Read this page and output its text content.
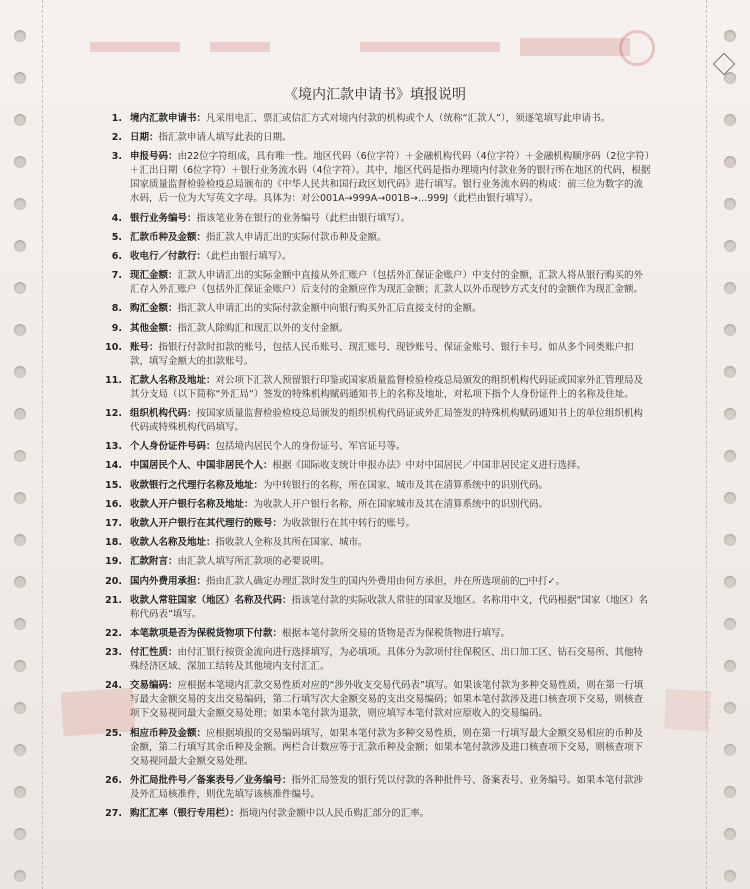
《境内汇款申请书》填报说明
1. 境内汇款申请书：凡采用电汇、票汇或信汇方式对境内付款的机构或个人（统称“汇款人”），须逐笔填写此申请书。
2. 日期：指汇款申请人填写此表的日期。
3. 申报号码：由22位字符组成，具有唯一性。地区代码（6位字符）＋金融机构代码（4位字符）＋金融机构顺序码（2位字符）＋汇出日期（6位字符）＋银行业务流水码（4位字符）。其中，地区代码是指办理境内付款业务的银行所在地区的代码，根据国家质量监督检验检疫总局颁布的《中华人民共和国行政区划代码》进行填写。银行业务流水码的构成：前三位为数字的流水码，后一位为大写英文字母。具体为：对公001A→999A→001B→…999J（此栏由银行填写）。
4. 银行业务编号：指该笔业务在银行的业务编号（此栏由银行填写）。
5. 汇款币种及金额：指汇款人申请汇出的实际付款币种及金额。
6. 收电行／付款行：（此栏由银行填写）。
7. 现汇金额：汇款人申请汇出的实际金额中直接从外汇账户（包括外汇保证金账户）中支付的金额，汇款人将从银行购买的外汇存入外汇账户（包括外汇保证金账户）后支付的金额应作为现汇金额；汇款人以外币现钞方式支付的金额作为现汇金额。
8. 购汇金额：指汇款人申请汇出的实际付款金额中向银行购买外汇后直接支付的金额。
9. 其他金额：指汇款人除购汇和现汇以外的支付金额。
10. 账号：指银行付款时扣款的账号，包括人民币账号、现汇账号、现钞账号、保证金账号、银行卡号。如从多个同类账户扣款，填写金额大的扣款账号。
11. 汇款人名称及地址：对公项下汇款人预留银行印鉴或国家质量监督检验检疫总局颁发的组织机构代码证或国家外汇管理局及其分支局（以下简称“外汇局”）签发的特殊机构赋码通知书上的名称及地址，对私项下指个人身份证件上的名称及住址。
12. 组织机构代码：按国家质量监督检验检疫总局颁发的组织机构代码证或外汇局签发的特殊机构赋码通知书上的单位组织机构代码或特殊机构代码填写。
13. 个人身份证件号码：包括境内居民个人的身份证号、军官证号等。
14. 中国居民个人、中国非居民个人：根据《国际收支统计申报办法》中对中国居民／中国非居民定义进行选择。
15. 收款银行之代理行名称及地址：为中转银行的名称，所在国家、城市及其在清算系统中的识别代码。
16. 收款人开户银行名称及地址：为收款人开户银行名称，所在国家城市及其在清算系统中的识别代码。
17. 收款人开户银行在其代理行的账号：为收款银行在其中转行的账号。
18. 收款人名称及地址：指收款人全称及其所在国家、城市。
19. 汇款附言：由汇款人填写所汇款项的必要说明。
20. 国内外费用承担：指由汇款人确定办理汇款时发生的国内外费用由何方承担，并在所选项前的□中打✓。
21. 收款人常驻国家（地区）名称及代码：指该笔付款的实际收款人常驻的国家及地区。名称用中文，代码根据“国家（地区）名称代码表”填写。
22. 本笔款项是否为保税货物项下付款：根据本笔付款所交易的货物是否为保税货物进行填写。
23. 付汇性质：由付汇银行按资金流向进行选择填写，为必填项。具体分为款项付往保税区、出口加工区、钻石交易所、其他特殊经济区域、深加工结转及其他境内支付汇汇。
24. 交易编码：应根据本笔境内汇款交易性质对应的“涉外收支交易代码表”填写。如果该笔付款为多种交易性质，则在第一行填写最大金额交易的支出交易编码，第二行填写次大金额交易的支出交易编码；如果本笔付款涉及进口核查项下交易，则核查项下交易视同最大金额交易处理；如果本笔付款为退款，则应填写本笔付款对应原收入的交易编码。
25. 相应币种及金额：应根据填报的交易编码填写，如果本笔付款为多种交易性质，则在第一行填写最大金额交易相应的币种及金额，第二行填写其余币种及金额。两栏合计数应等于汇款币种及金额；如果本笔付款涉及进口核查项下交易，则核查项下交易视同最大金额交易处理。
26. 外汇局批件号／备案表号／业务编号：指外汇局签发的银行凭以付款的各种批件号、备案表号、业务编号。如果本笔付款涉及外汇局核准件，则优先填写该核准件编号。
27. 购汇汇率（银行专用栏）：指境内付款金额中以人民币购汇部分的汇率。
